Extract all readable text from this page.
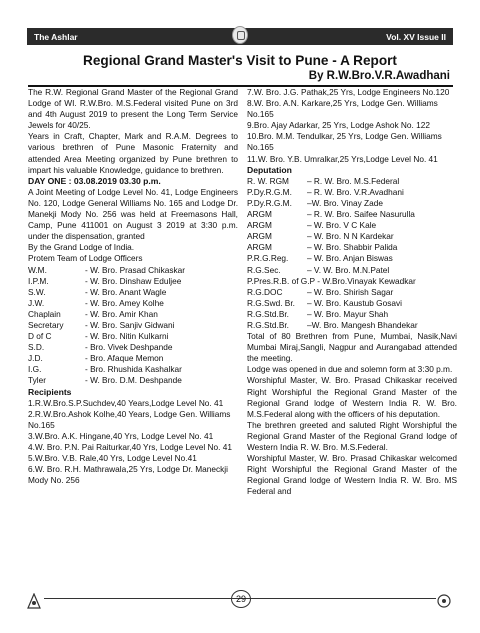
The Ashlar	Vol. XV Issue II
Regional Grand Master's Visit to Pune - A Report
By R.W.Bro.V.R.Awadhani

The R.W. Regional Grand Master of the Regional Grand Lodge of WI. R.W.Bro. M.S.Federal visited Pune on 3rd and 4th August 2019 to present the Long Term Service Jewels for 40/25.

Years in Craft, Chapter, Mark and R.A.M. Degrees to various brethren of Pune Masonic Fraternity and attended Area Meeting organized by Pune brethren to impart his valuable Knowledge, guidance to brethren.

DAY ONE : 03.08.2019 03.30 p.m.

A Joint Meeting of Lodge Level No. 41, Lodge Engineers No. 120, Lodge General Williams No. 165 and Lodge Dr. Manekji Mody No. 256 was held at Freemasons Hall, Camp, Pune 411001 on August 3 2019 at 3:30 p.m. under the dispensation, granted

By the Grand Lodge of India.

Protem Team of Lodge Officers

W.M.	- W. Bro. Prasad Chikaskar
I.P.M.	- W. Bro. Dinshaw Eduljee
S.W.	- W. Bro. Anant Wagle
J.W.	- W. Bro. Amey Kolhe
Chaplain	- W. Bro. Amir Khan
Secretary	- W. Bro. Sanjiv Gidwani
D of C	- W. Bro. Nitin Kulkarni
S.D.	- Bro. Vivek Deshpande
J.D.	- Bro. Afaque Memon
I.G.	- Bro. Rhushida Kashalkar
Tyler	- W. Bro. D.M. Deshpande

Recipients

1.R.W.Bro.S.P.Suchdev,40 Years,Lodge Level No. 41

2.R.W.Bro.Ashok Kolhe,40 Years, Lodge Gen. Williams No.165

3.W.Bro. A.K. Hingane,40 Yrs, Lodge Level No. 41

4.W. Bro. P.N. Pai Raiturkar,40 Yrs, Lodge Level No. 41

5.W.Bro. V.B. Rale,40 Yrs, Lodge Level No.41

6.W. Bro. R.H. Mathrawala,25 Yrs, Lodge Dr. Maneckji Mody No. 256

7.W. Bro. J.G. Pathak,25 Yrs, Lodge Engineers No.120

8.W. Bro. A.N. Karkare,25 Yrs, Lodge Gen. Williams No.165

9.Bro. Ajay Adarkar, 25 Yrs, Lodge Ashok No. 122

10.Bro. M.M. Tendulkar, 25 Yrs, Lodge Gen. Williams No.165

11.W. Bro. Y.B. Umralkar,25 Yrs,Lodge Level No. 41

Deputation

R. W. RGM	– R. W. Bro. M.S.Federal
P.Dy.R.G.M.	– R. W. Bro. V.R.Avadhani
P.Dy.R.G.M.	–W. Bro. Vinay Zade
ARGM	– R. W. Bro. Saifee Nasurulla
ARGM	– W. Bro. V C Kale
ARGM	– W. Bro. N N Kardekar
ARGM	– W. Bro. Shabbir Palida
P.R.G.Reg.	– W. Bro. Anjan Biswas
R.G.Sec.	– V. W. Bro. M.N.Patel

P.Pres.R.B. of G.P - W.Bro.Vinayak Kewadkar

R.G.DOC	– W. Bro. Shirish Sagar
R.G.Swd. Br.	– W. Bro. Kaustub Gosavi
R.G.Std.Br.	– W. Bro. Mayur Shah
R.G.Std.Br.	–W. Bro. Mangesh Bhandekar

Total of 80 Brethren from Pune, Mumbai, Nasik,Navi Mumbai Miraj,Sangli, Nagpur and Aurangabad attended the meeting.

Lodge was opened in due and solemn form at 3:30 p.m.

Worshipful Master, W. Bro. Prasad Chikaskar received Right Worshipful the Regional Grand Master of the Regional Grand lodge of Western India R. W. Bro. M.S.Federal along with the officers of his deputation.

The brethren greeted and saluted Right Worshipful the Regional Grand Master of the Regional Grand lodge of Western India R. W. Bro. M.S.Federal.

Worshipful Master, W. Bro. Prasad Chikaskar welcomed Right Worshipful the Regional Grand Master of the Regional Grand lodge of Western India R. W. Bro. MS Federal and

29
